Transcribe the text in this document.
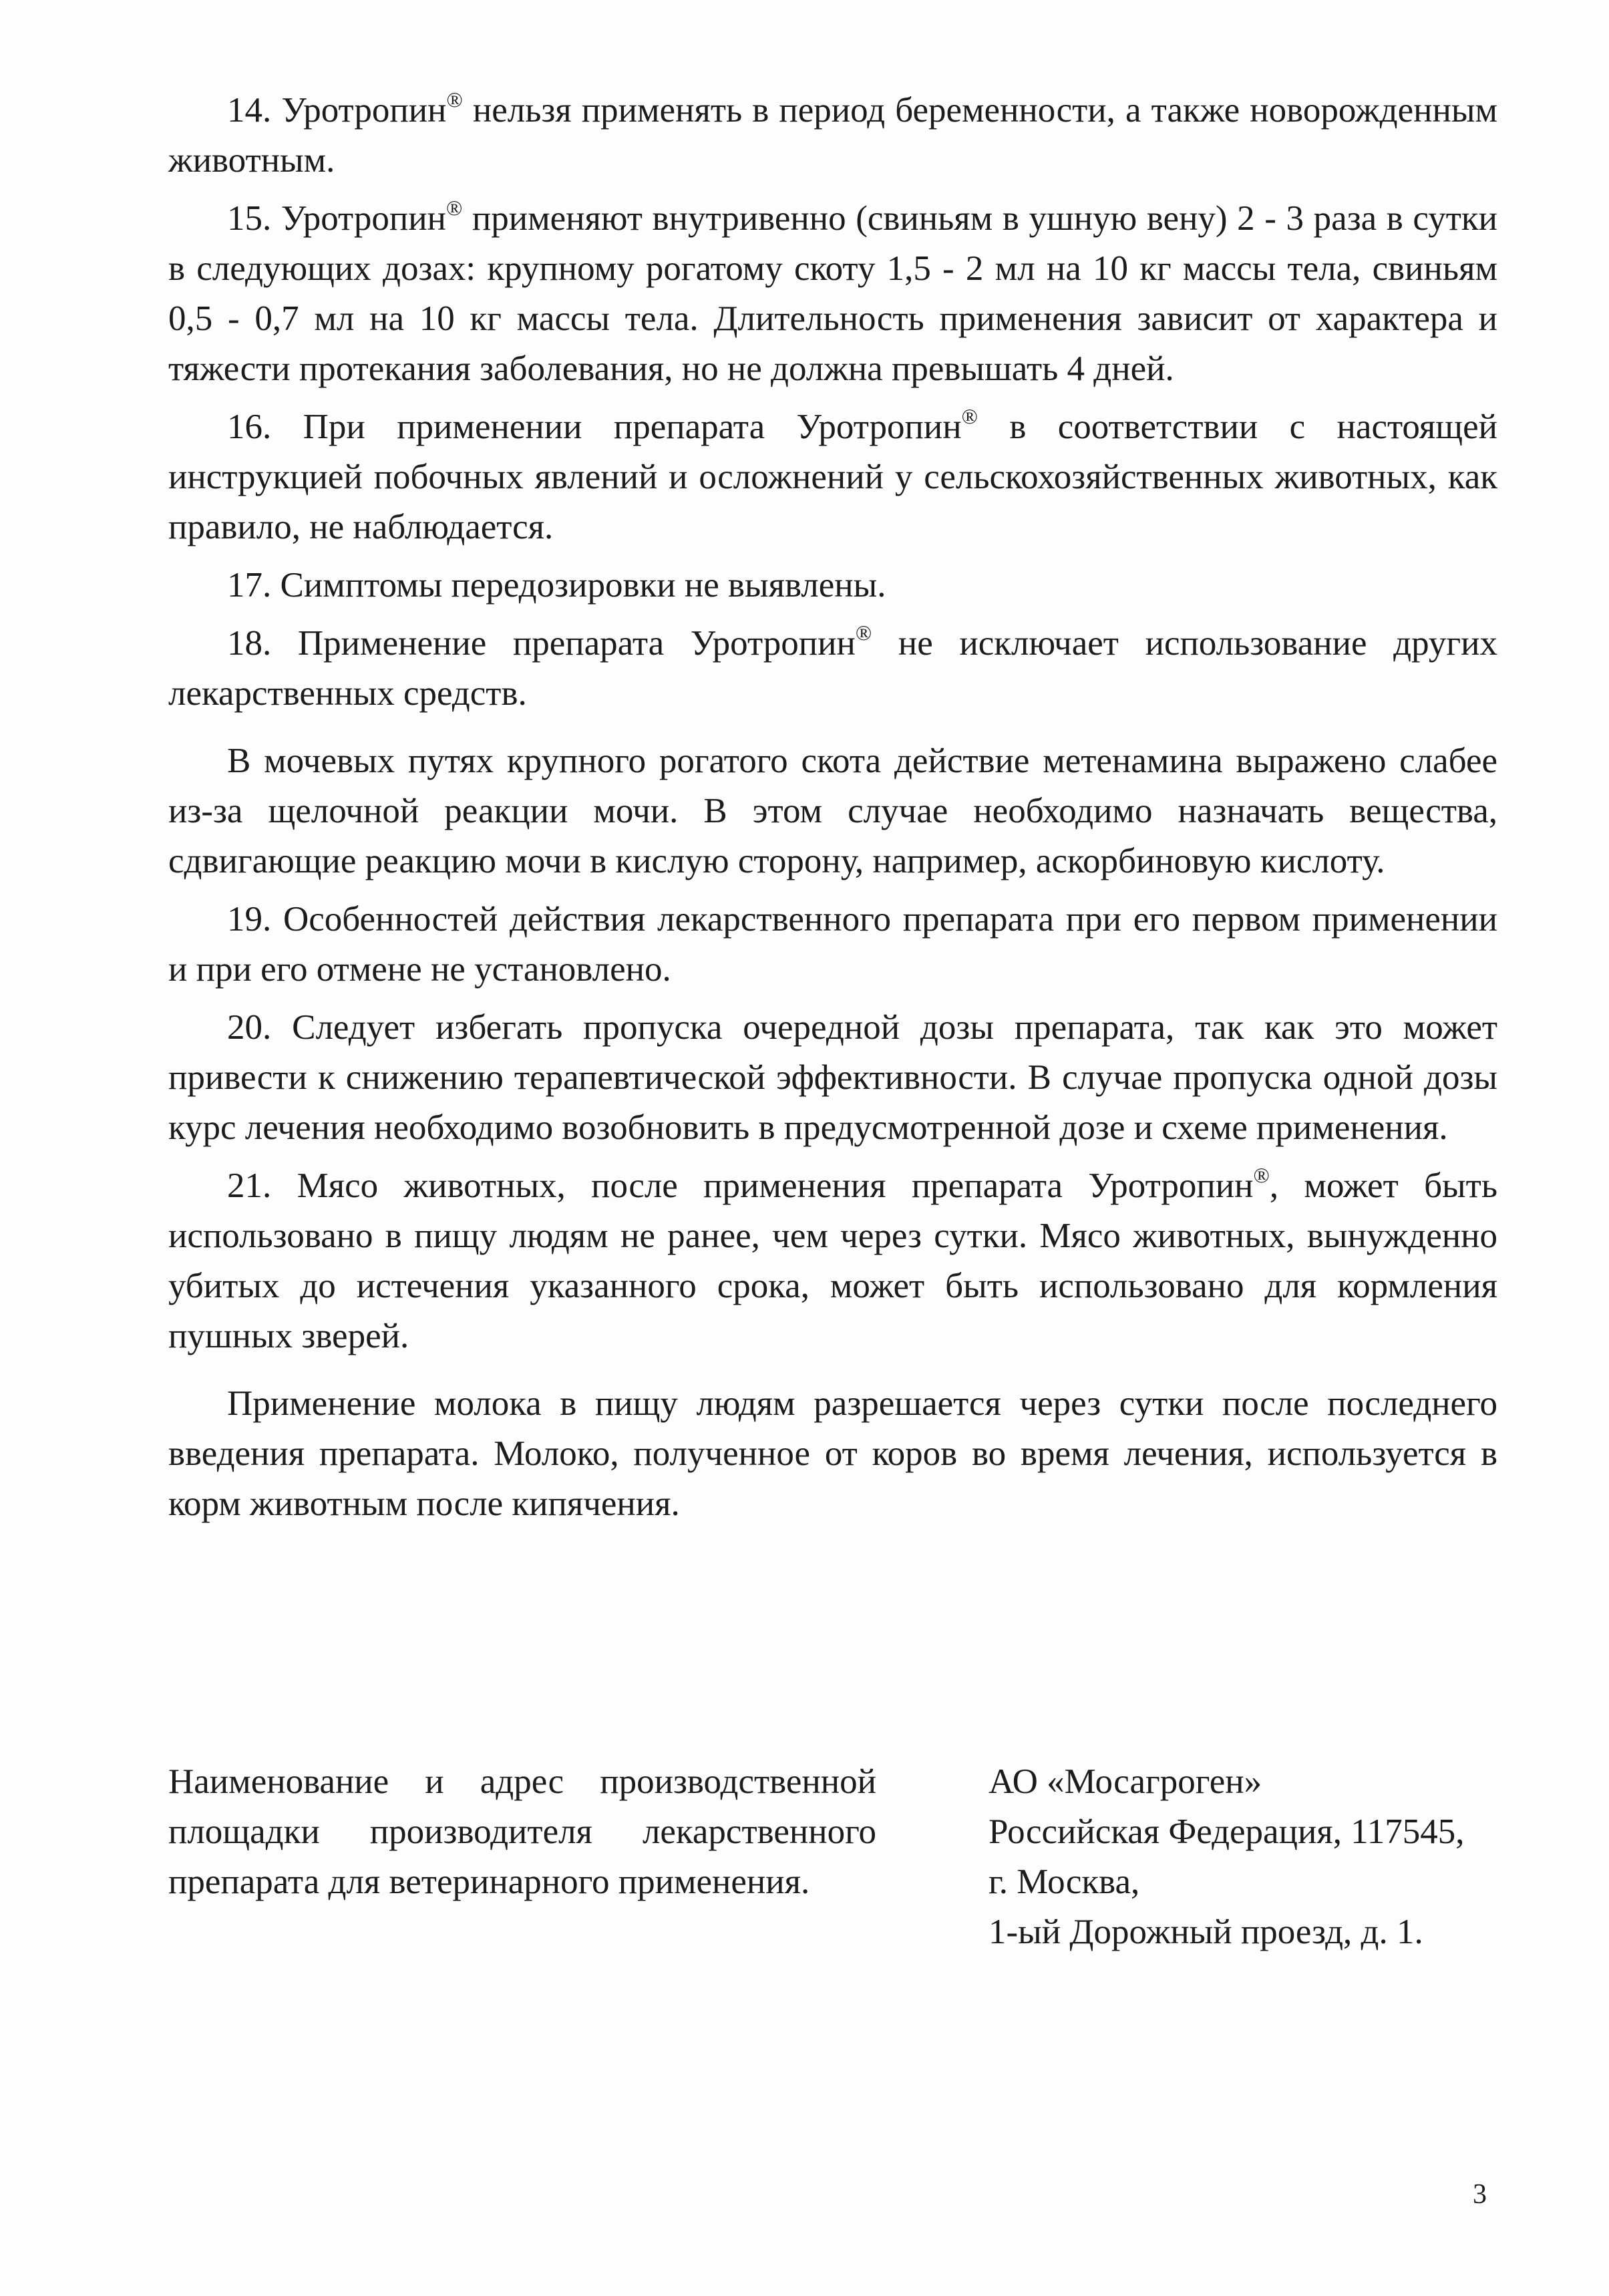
14. Уротропин® нельзя применять в период беременности, а также новорожденным животным.

15. Уротропин® применяют внутривенно (свиньям в ушную вену) 2 - 3 раза в сутки в следующих дозах: крупному рогатому скоту 1,5 - 2 мл на 10 кг массы тела, свиньям 0,5 - 0,7 мл на 10 кг массы тела. Длительность применения зависит от характера и тяжести протекания заболевания, но не должна превышать 4 дней.

16. При применении препарата Уротропин® в соответствии с настоящей инструкцией побочных явлений и осложнений у сельскохозяйственных животных, как правило, не наблюдается.

17. Симптомы передозировки не выявлены.

18. Применение препарата Уротропин® не исключает использование других лекарственных средств.

В мочевых путях крупного рогатого скота действие метенамина выражено слабее из-за щелочной реакции мочи. В этом случае необходимо назначать вещества, сдвигающие реакцию мочи в кислую сторону, например, аскорбиновую кислоту.

19. Особенностей действия лекарственного препарата при его первом применении и при его отмене не установлено.

20. Следует избегать пропуска очередной дозы препарата, так как это может привести к снижению терапевтической эффективности. В случае пропуска одной дозы курс лечения необходимо возобновить в предусмотренной дозе и схеме применения.

21. Мясо животных, после применения препарата Уротропин®, может быть использовано в пищу людям не ранее, чем через сутки. Мясо животных, вынужденно убитых до истечения указанного срока, может быть использовано для кормления пушных зверей.

Применение молока в пищу людям разрешается через сутки после последнего введения препарата. Молоко, полученное от коров во время лечения, используется в корм животным после кипячения.

Наименование и адрес производственной площадки производителя лекарственного препарата для ветеринарного применения.
АО «Мосагроген»
Российская Федерация, 117545,
г. Москва,
1-ый Дорожный проезд, д. 1.
3
